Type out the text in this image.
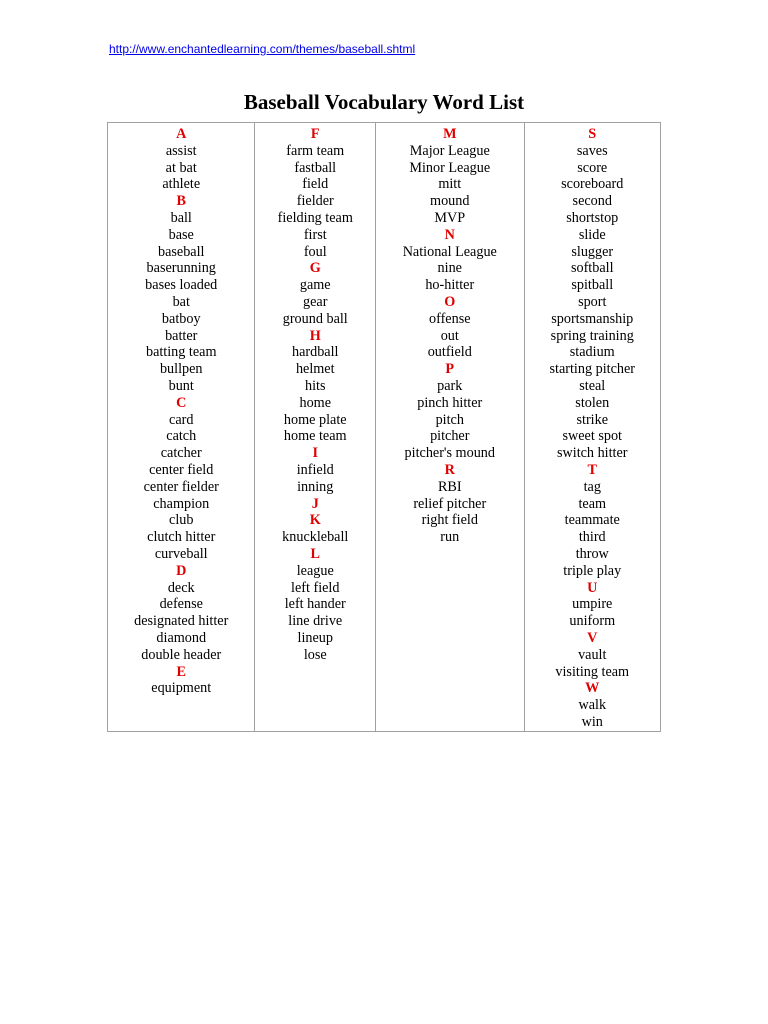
http://www.enchantedlearning.com/themes/baseball.shtml
Baseball Vocabulary Word List
A
assist
at bat
athlete
B
ball
base
baseball
baserunning
bases loaded
bat
batboy
batter
batting team
bullpen
bunt
C
card
catch
catcher
center field
center fielder
champion
club
clutch hitter
curveball
D
deck
defense
designated hitter
diamond
double header
E
equipment
F
farm team
fastball
field
fielder
fielding team
first
foul
G
game
gear
ground ball
H
hardball
helmet
hits
home
home plate
home team
I
infield
inning
J
K
knuckleball
L
league
left field
left hander
line drive
lineup
lose
M
Major League
Minor League
mitt
mound
MVP
N
National League
nine
ho-hitter
O
offense
out
outfield
P
park
pinch hitter
pitch
pitcher
pitcher's mound
R
RBI
relief pitcher
right field
run
S
saves
score
scoreboard
second
shortstop
slide
slugger
softball
spitball
sport
sportsmanship
spring training
stadium
starting pitcher
steal
stolen
strike
sweet spot
switch hitter
T
tag
team
teammate
third
throw
triple play
U
umpire
uniform
V
vault
visiting team
W
walk
win
